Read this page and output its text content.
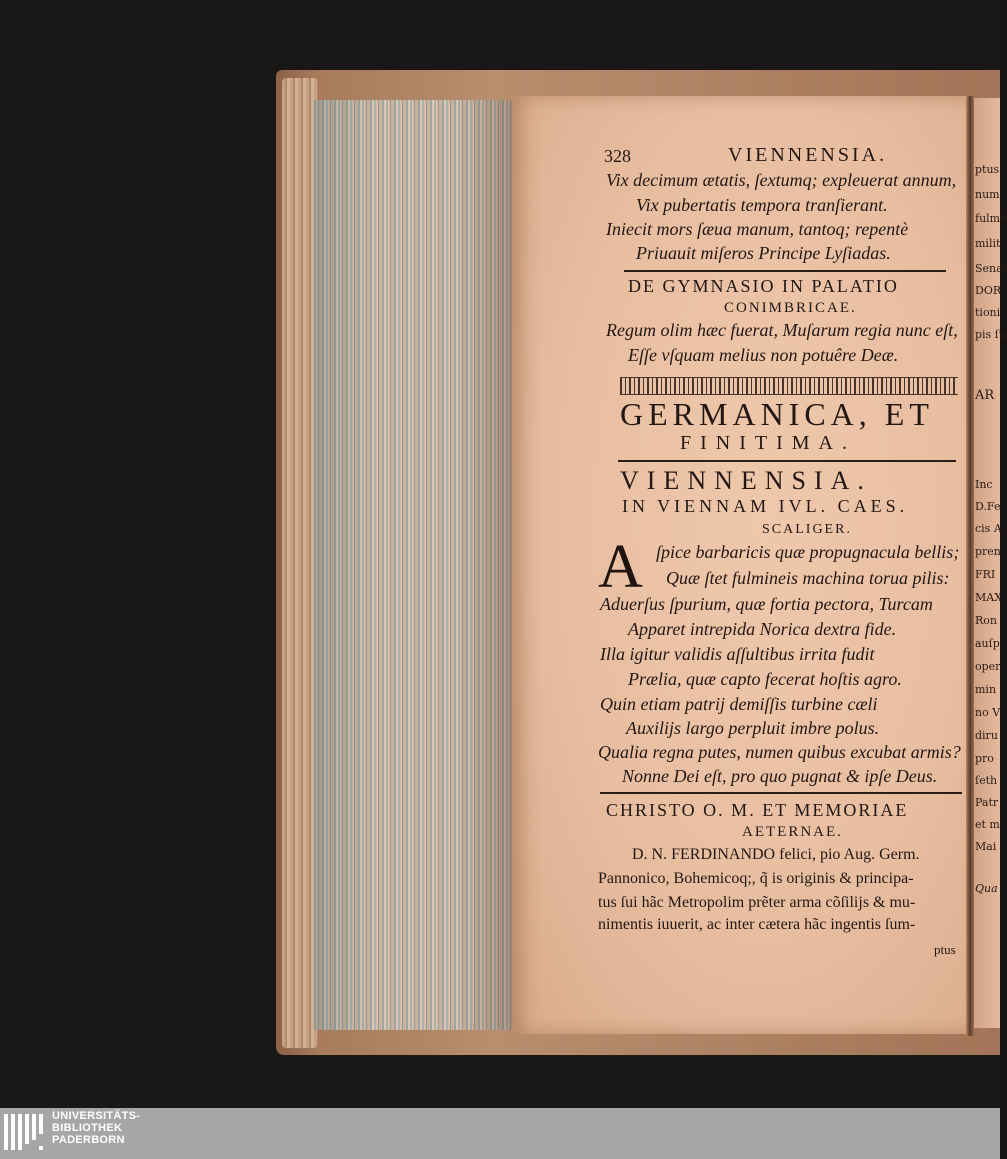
ptus
num
fulmē
milit
Senat
DOR
tioni.
pis ſu
AR
Inc
D.Fe
cis A
pren
FRI
MAX
Ron
auſp
oper
min
no V
diru
pro
ſeth
Patr
et m
Mai
Qua
328	VIENNENSIA.
Vix decimum ætatis, ſextumq; expleuerat annum,
Vix pubertatis tempora tranſierant.
Iniecit mors ſæua manum, tantoq; repentè
Priuauit miſeros Principe Lyſiadas.
DE GYMNASIO IN PALATIO
CONIMBRICAE.
Regum olim hæc fuerat, Muſarum regia nunc eſt,
Eſſe vſquam melius non potuêre Deæ.
GERMANICA, ET
FINITIMA.
VIENNENSIA.
IN VIENNAM IVL. CAES.
SCALIGER.
A ſpice barbaricis quæ propugnacula bellis;
Quæ ſtet fulmineis machina torua pilis:
Aduerſus ſpurium, quæ fortia pectora, Turcam
Apparet intrepida Norica dextra fide.
Illa igitur validis aſſultibus irrita fudit
Prælia, quæ capto fecerat hoſtis agro.
Quin etiam patrij demiſſis turbine cæli
Auxilijs largo perpluit imbre polus.
Qualia regna putes, numen quibus excubat armis?
Nonne Dei eſt, pro quo pugnat & ipſe Deus.
CHRISTO O. M. ET MEMORIAE
AETERNAE.
D. N. FERDINANDO felici, pio Aug. Germ.
Pannonico, Bohemicoq;, q̃ is originis & principa-
tus ſui hãc Metropolim prẽter arma cõſilijs & mu-
nimentis iuuerit, ac inter cætera hãc ingentis ſum-
ptus
UNIVERSITÄTS-
BIBLIOTHEK
PADERBORN
